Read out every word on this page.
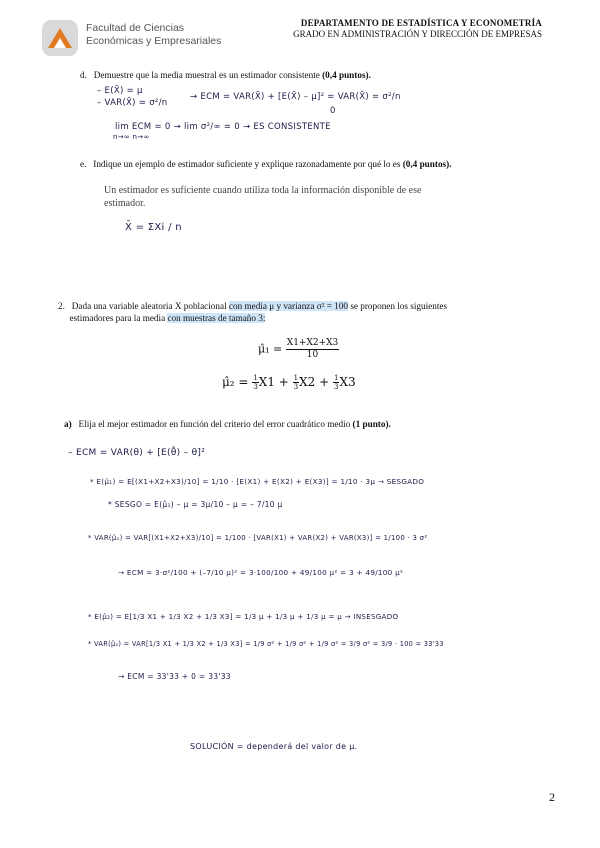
Facultad de Ciencias
Económicas y Empresariales
DEPARTAMENTO DE ESTADÍSTICA Y ECONOMETRÍA
GRADO EN ADMINISTRACIÓN Y DIRECCIÓN DE EMPRESAS
d. Demuestre que la media muestral es un estimador consistente (0,4 puntos).
– E(X̄) = μ
– VAR(X̄) = σ²/n
→ ECM = VAR(X̄) + [E(X̄) – μ]² = VAR(X̄) = σ²/n
0
lim ECM = 0 → lim σ²/∞ = 0 → ES CONSISTENTE
n→∞ n→∞
e. Indique un ejemplo de estimador suficiente y explique razonadamente por qué lo es (0,4 puntos).
Un estimador es suficiente cuando utiliza toda la información disponible de ese
estimador.
X̄ = ΣXi / n
2. Dada una variable aleatoria X poblacional con media μ y varianza σ² = 100 se proponen los siguientes
estimadores para la media con muestras de tamaño 3:
μ̂₁ = $\frac{X1+X2+X3}{10}$
μ̂₂ = $\frac{1}{3} X1 + \frac{1}{3} X2 + \frac{1}{3} X3$
a) Elija el mejor estimador en función del criterio del error cuadrático medio (1 punto).
– ECM = VAR(θ) + [E(θ̂) – θ]²
* E(μ̂₁) = E[(X1+X2+X3)/10] = 1/10 · [E(X1) + E(X2) + E(X3)] = 1/10 · 3μ → SESGADO
* SESGO = E(μ̂₁) – μ = 3μ/10 – μ = – 7/10 μ
* VAR(μ̂₁) = VAR[(X1+X2+X3)/10] = 1/100 · [VAR(X1) + VAR(X2) + VAR(X3)] = 1/100 · 3 σ²
→ ECM = 3·σ²/100 + (–7/10 μ)² = 3·100/100 + 49/100 μ² = 3 + 49/100 μ²
* E(μ̂₂) = E[1/3 X1 + 1/3 X2 + 1/3 X3] = 1/3 μ + 1/3 μ + 1/3 μ = μ → INSESGADO
* VAR(μ̂₂) = VAR[1/3 X1 + 1/3 X2 + 1/3 X3] = 1/9 σ² + 1/9 σ² + 1/9 σ² = 3/9 σ² = 3/9 · 100 = 33'33
→ ECM = 33'33 + 0 = 33'33
SOLUCIÓN = dependerá del valor de μ.
2
